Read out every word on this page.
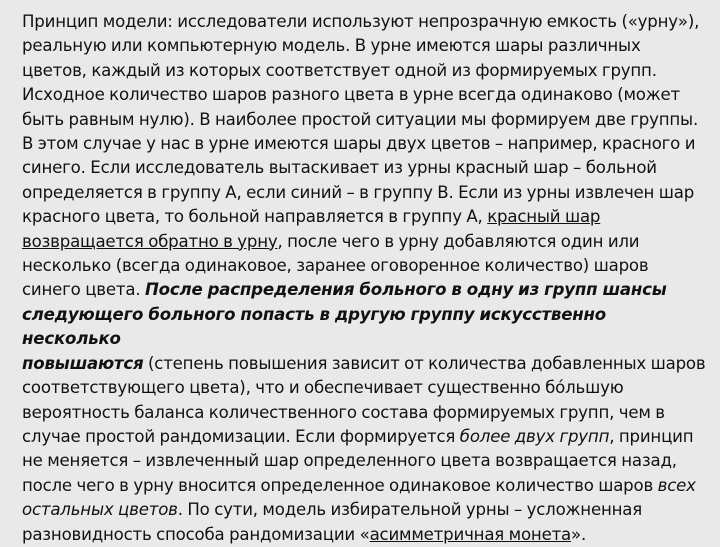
Принцип модели: исследователи используют непрозрачную емкость («урну»),
реальную или компьютерную модель. В урне имеются шары различных
цветов, каждый из которых соответствует одной из формируемых групп.
Исходное количество шаров разного цвета в урне всегда одинаково (может
быть равным нулю). В наиболее простой ситуации мы формируем две группы.
В этом случае у нас в урне имеются шары двух цветов – например, красного и
синего. Если исследователь вытаскивает из урны красный шар – больной
определяется в группу А, если синий – в группу В. Если из урны извлечен шар
красного цвета, то больной направляется в группу А, красный шар
возвращается обратно в урну, после чего в урну добавляются один или
несколько (всегда одинаковое, заранее оговоренное количество) шаров
синего цвета. После распределения больного в одну из групп шансы
следующего больного попасть в другую группу искусственно несколько
повышаются (степень повышения зависит от количества добавленных шаров
соответствующего цвета), что и обеспечивает существенно бóльшую
вероятность баланса количественного состава формируемых групп, чем в
случае простой рандомизации. Если формируется более двух групп, принцип
не меняется – извлеченный шар определенного цвета возвращается назад,
после чего в урну вносится определенное одинаковое количество шаров всех
остальных цветов. По сути, модель избирательной урны – усложненная
разновидность способа рандомизации «асимметричная монета».
